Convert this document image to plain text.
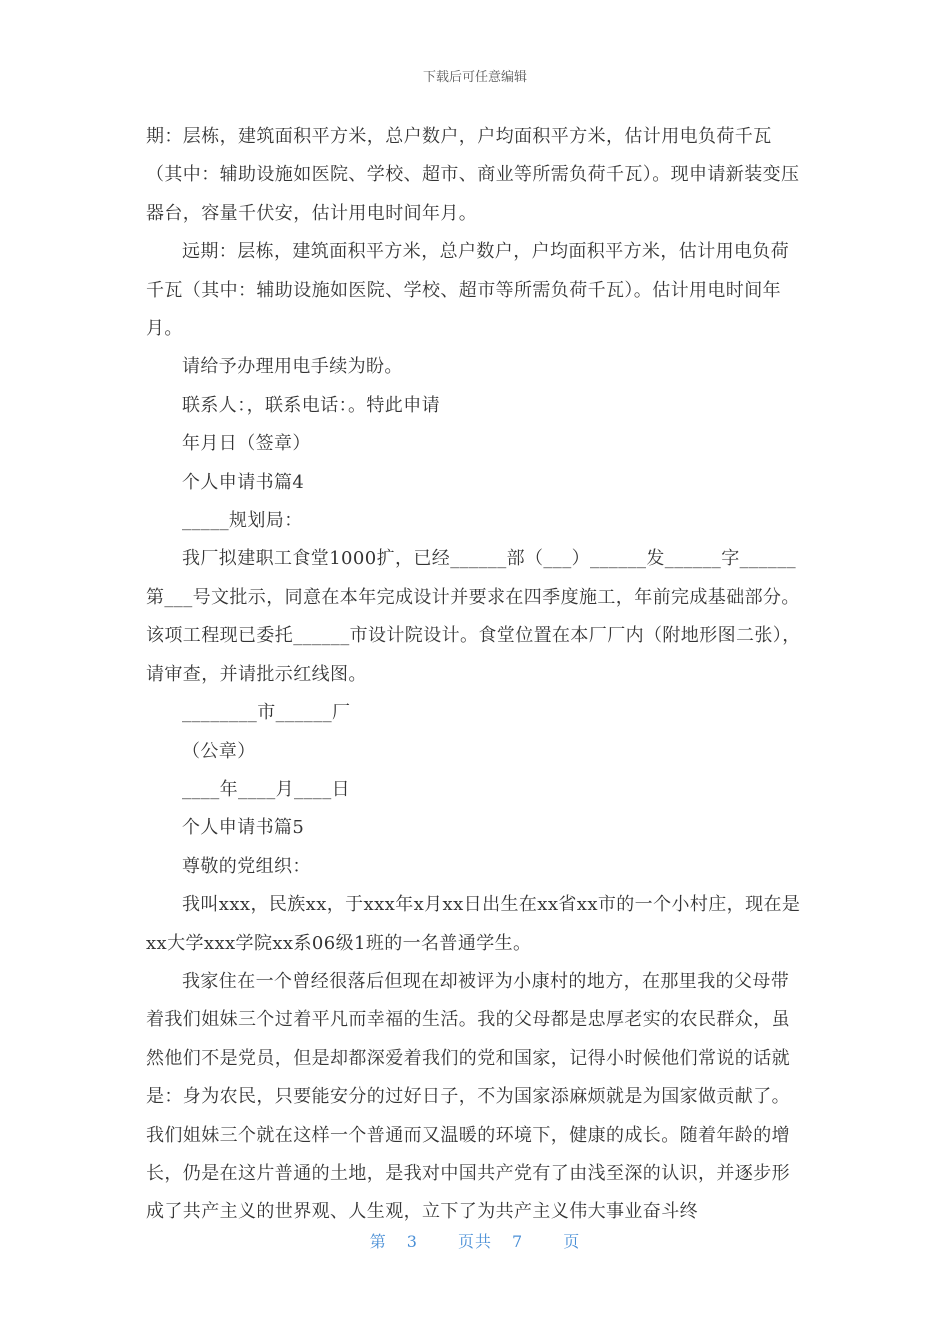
下载后可任意编辑

期：层栋，建筑面积平方米，总户数户，户均面积平方米，估计用电负荷千瓦（其中：辅助设施如医院、学校、超市、商业等所需负荷千瓦）。现申请新装变压器台，容量千伏安，估计用电时间年月。

远期：层栋，建筑面积平方米，总户数户，户均面积平方米，估计用电负荷千瓦（其中：辅助设施如医院、学校、超市等所需负荷千瓦）。估计用电时间年月。

请给予办理用电手续为盼。

联系人：，联系电话：。特此申请

年月日（签章）

个人申请书篇4

_____规划局：

我厂拟建职工食堂1000扩，已经______部（___）______发______字______第___号文批示，同意在本年完成设计并要求在四季度施工，年前完成基础部分。该项工程现已委托______市设计院设计。食堂位置在本厂厂内（附地形图二张），请审查，并请批示红线图。

________市______厂

（公章）

____年____月____日

个人申请书篇5

尊敬的党组织：

我叫xxx，民族xx，于xxx年x月xx日出生在xx省xx市的一个小村庄，现在是xx大学xxx学院xx系06级1班的一名普通学生。

我家住在一个曾经很落后但现在却被评为小康村的地方，在那里我的父母带着我们姐妹三个过着平凡而幸福的生活。我的父母都是忠厚老实的农民群众，虽然他们不是党员，但是却都深爱着我们的党和国家，记得小时候他们常说的话就是：身为农民，只要能安分的过好日子，不为国家添麻烦就是为国家做贡献了。我们姐妹三个就在这样一个普通而又温暖的环境下，健康的成长。随着年龄的增长，仍是在这片普通的土地，是我对中国共产党有了由浅至深的认识，并逐步形成了共产主义的世界观、人生观，立下了为共产主义伟大事业奋斗终

第 3	页共 7	页
